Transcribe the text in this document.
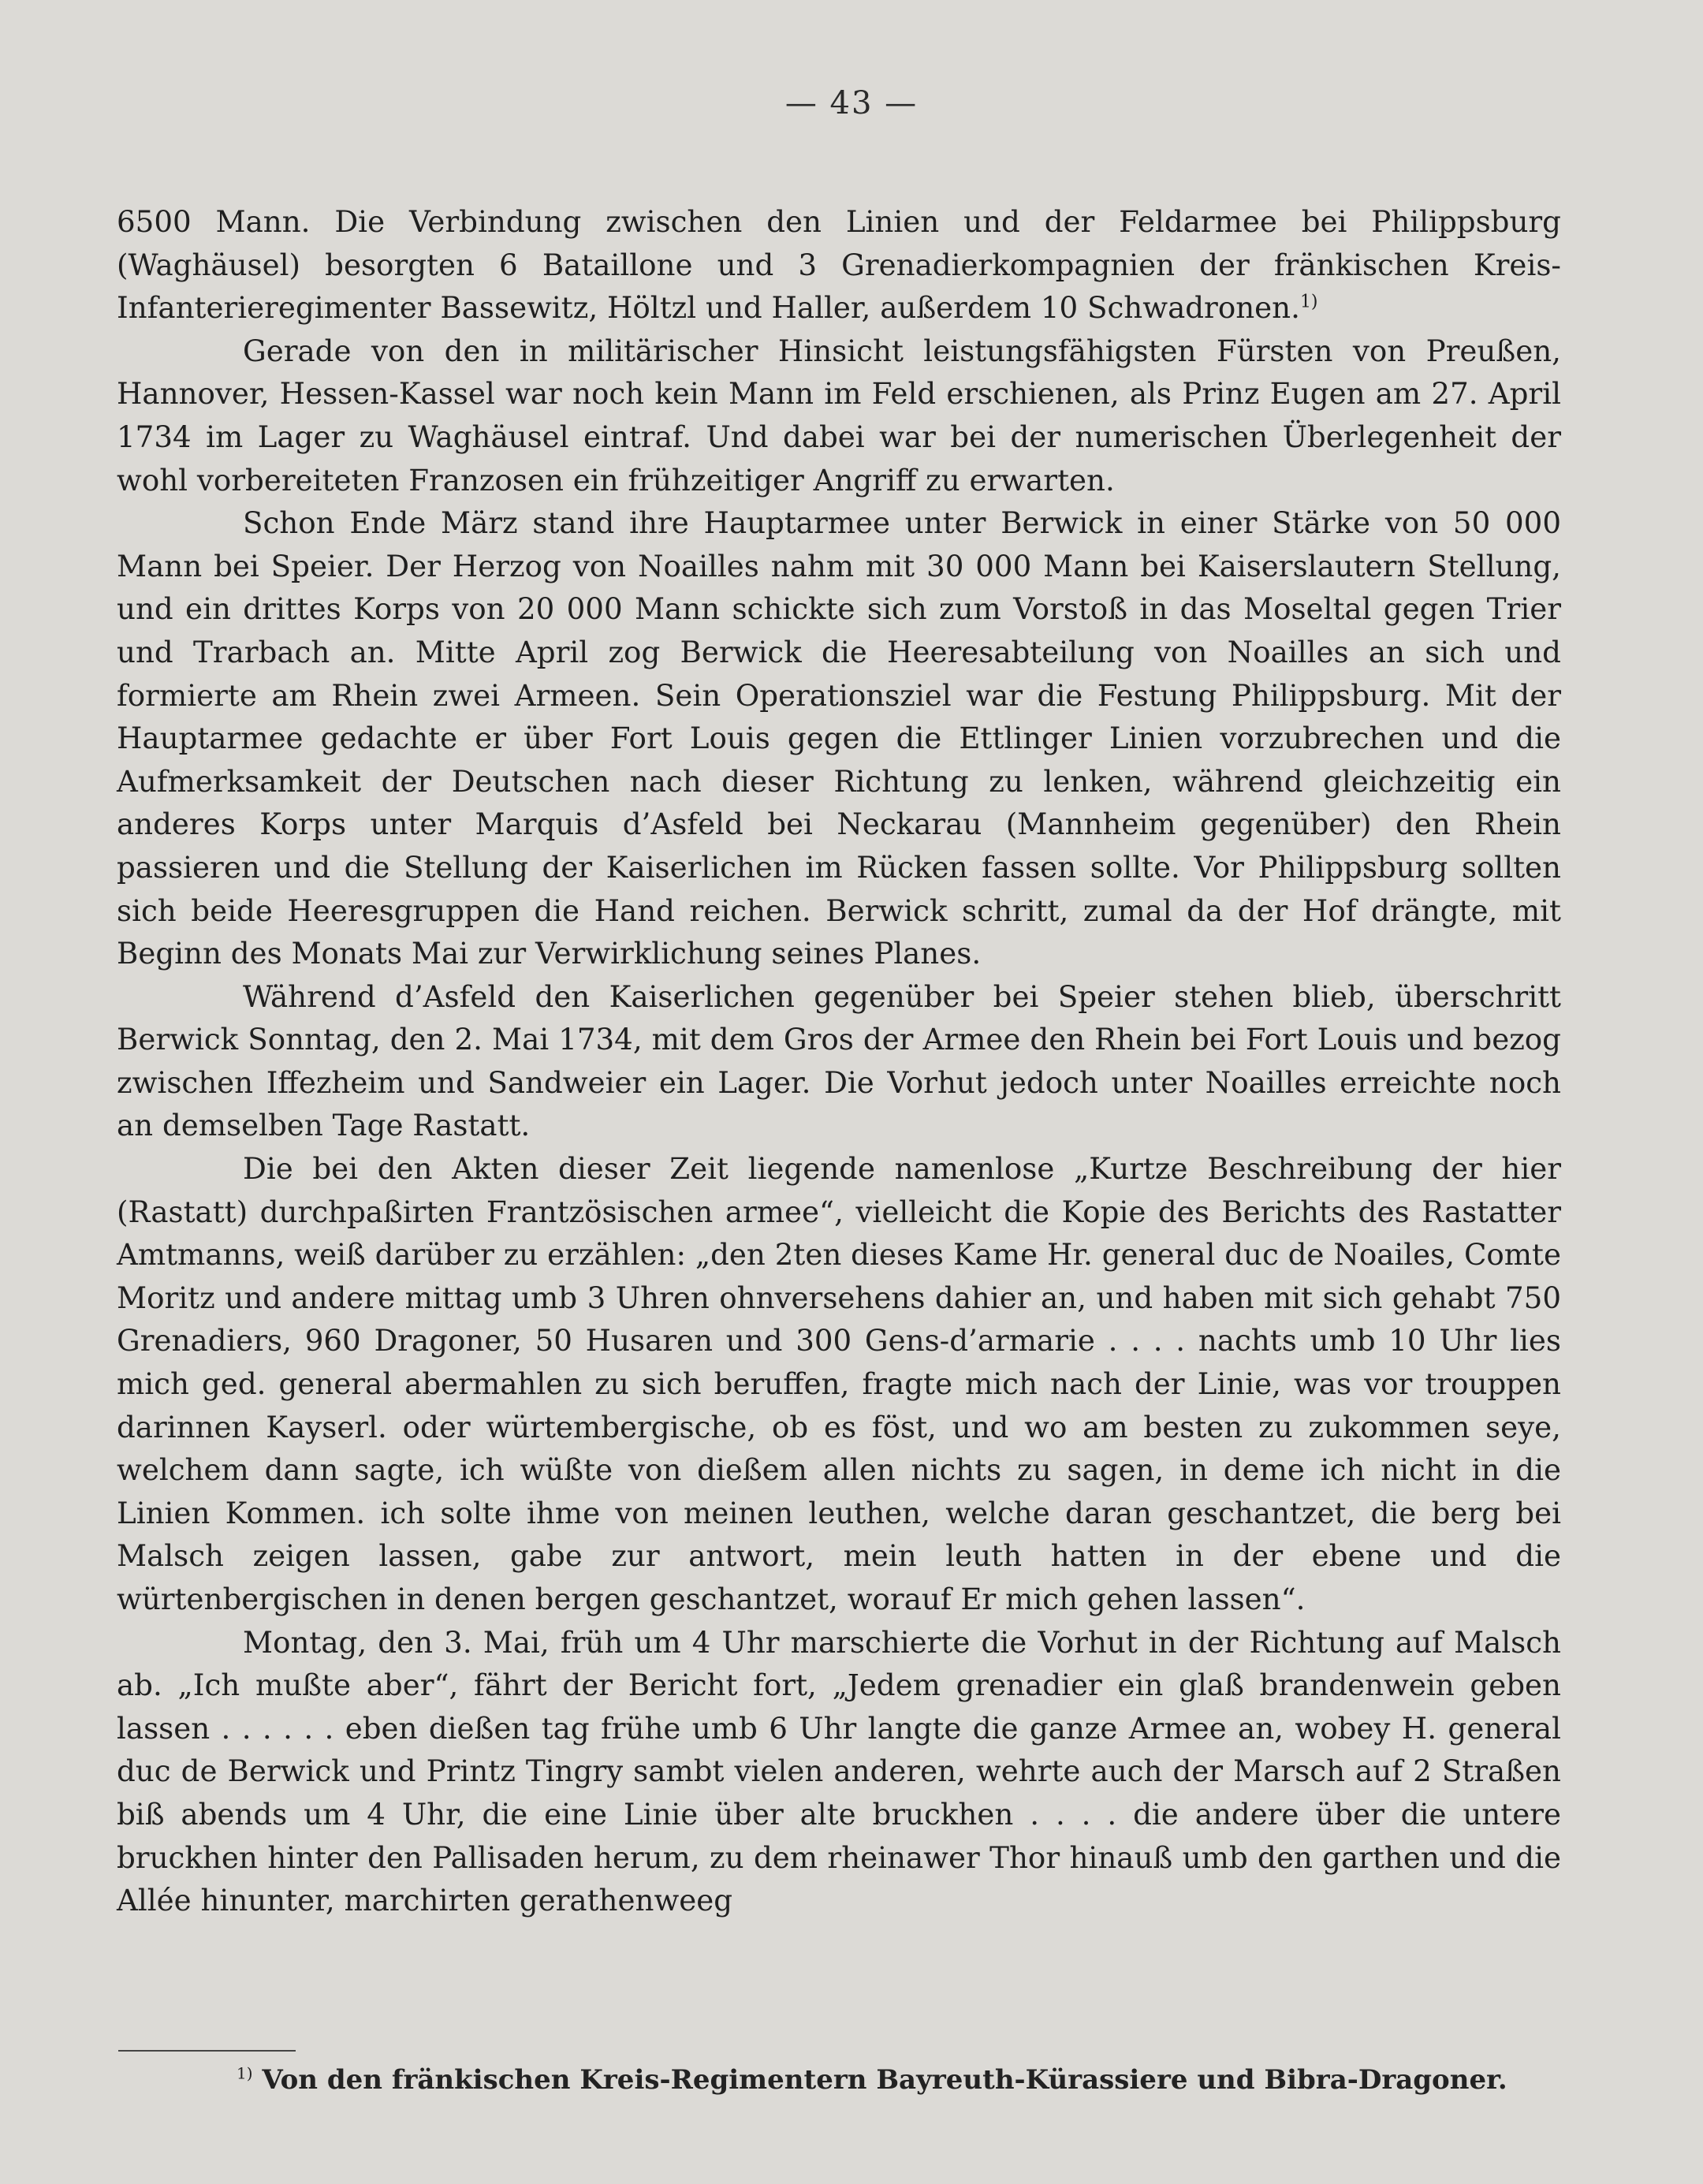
— 43 —

6500 Mann. Die Verbindung zwischen den Linien und der Feldarmee bei Philippsburg (Waghäusel) besorgten 6 Bataillone und 3 Grenadierkompagnien der fränkischen Kreis-Infanterieregimenter Bassewitz, Höltzl und Haller, außerdem 10 Schwadronen.$^{1)}$

Gerade von den in militärischer Hinsicht leistungsfähigsten Fürsten von Preußen, Hannover, Hessen-Kassel war noch kein Mann im Feld erschienen, als Prinz Eugen am 27. April 1734 im Lager zu Waghäusel eintraf. Und dabei war bei der numerischen Überlegenheit der wohl vorbereiteten Franzosen ein frühzeitiger Angriff zu erwarten.

Schon Ende März stand ihre Hauptarmee unter Berwick in einer Stärke von 50 000 Mann bei Speier. Der Herzog von Noailles nahm mit 30 000 Mann bei Kaiserslautern Stellung, und ein drittes Korps von 20 000 Mann schickte sich zum Vorstoß in das Moseltal gegen Trier und Trarbach an. Mitte April zog Berwick die Heeresabteilung von Noailles an sich und formierte am Rhein zwei Armeen. Sein Operationsziel war die Festung Philippsburg. Mit der Hauptarmee gedachte er über Fort Louis gegen die Ettlinger Linien vorzubrechen und die Aufmerksamkeit der Deutschen nach dieser Richtung zu lenken, während gleichzeitig ein anderes Korps unter Marquis d’Asfeld bei Neckarau (Mannheim gegenüber) den Rhein passieren und die Stellung der Kaiserlichen im Rücken fassen sollte. Vor Philippsburg sollten sich beide Heeresgruppen die Hand reichen. Berwick schritt, zumal da der Hof drängte, mit Beginn des Monats Mai zur Verwirklichung seines Planes.

Während d’Asfeld den Kaiserlichen gegenüber bei Speier stehen blieb, überschritt Berwick Sonntag, den 2. Mai 1734, mit dem Gros der Armee den Rhein bei Fort Louis und bezog zwischen Iffezheim und Sandweier ein Lager. Die Vorhut jedoch unter Noailles erreichte noch an demselben Tage Rastatt.

Die bei den Akten dieser Zeit liegende namenlose „Kurtze Beschreibung der hier (Rastatt) durchpaßirten Frantzösischen armee“, vielleicht die Kopie des Berichts des Rastatter Amtmanns, weiß darüber zu erzählen: „den 2ten dieses Kame Hr. general duc de Noailes, Comte Moritz und andere mittag umb 3 Uhren ohnversehens dahier an, und haben mit sich gehabt 750 Grenadiers, 960 Dragoner, 50 Husaren und 300 Gens-d’armarie . . . . nachts umb 10 Uhr lies mich ged. general abermahlen zu sich beruffen, fragte mich nach der Linie, was vor trouppen darinnen Kayserl. oder würtembergische, ob es föst, und wo am besten zu zukommen seye, welchem dann sagte, ich wüßte von dießem allen nichts zu sagen, in deme ich nicht in die Linien Kommen. ich solte ihme von meinen leuthen, welche daran geschantzet, die berg bei Malsch zeigen lassen, gabe zur antwort, mein leuth hatten in der ebene und die würtenbergischen in denen bergen geschantzet, worauf Er mich gehen lassen“.

Montag, den 3. Mai, früh um 4 Uhr marschierte die Vorhut in der Richtung auf Malsch ab. „Ich mußte aber“, fährt der Bericht fort, „Jedem grenadier ein glaß brandenwein geben lassen . . . . . . eben dießen tag frühe umb 6 Uhr langte die ganze Armee an, wobey H. general duc de Berwick und Printz Tingry sambt vielen anderen, wehrte auch der Marsch auf 2 Straßen biß abends um 4 Uhr, die eine Linie über alte bruckhen . . . . die andere über die untere bruckhen hinter den Pallisaden herum, zu dem rheinawer Thor hinauß umb den garthen und die Allée hinunter, marchirten gerathenweeg

$^{1)}$ Von den fränkischen Kreis-Regimentern Bayreuth-Kürassiere und Bibra-Dragoner.
